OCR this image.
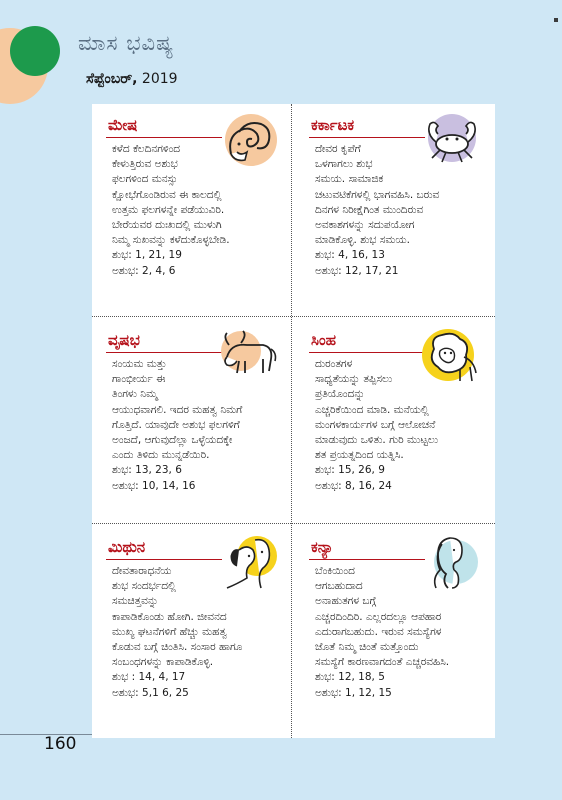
ಮಾಸ ಭವಿಷ್ಯ
ಸೆಪ್ಟೆಂಬರ್, 2019
ಮೇಷ

ಕಳೆದ ಕೆಲದಿನಗಳಿಂದ

ಕೇಳುತ್ತಿರುವ ಅಶುಭ

ಫಲಗಳಿಂದ ಮನಸ್ಸು

ಕ್ಷೋಭೆಗೊಂಡಿರುವ ಈ ಕಾಲದಲ್ಲಿ

ಉತ್ತಮ ಫಲಗಳನ್ನೇ ಪಡೆಯುವಿರಿ.

ಬೇರೆಯವರ ದುಃಖದಲ್ಲಿ ಮುಳುಗಿ

ನಿಮ್ಮ ಸುಖವನ್ನು ಕಳೆದುಕೊಳ್ಳಬೇಡಿ.

ಶುಭ: 1, 21, 19

ಅಶುಭ: 2, 4, 6

ಕರ್ಕಾಟಕ

ದೇವರ ಕೃಪೆಗೆ

ಒಳಗಾಗಲು ಶುಭ

ಸಮಯ. ಸಾಮಾಜಿಕ

ಚಟುವಟಿಕೆಗಳಲ್ಲಿ ಭಾಗವಹಿಸಿ. ಬರುವ

ದಿನಗಳ ನಿರೀಕ್ಷೆಗಿಂತ ಮುಂದಿರುವ

ಅವಕಾಶಗಳನ್ನು ಸದುಪಯೋಗ

ಮಾಡಿಕೊಳ್ಳಿ. ಶುಭ ಸಮಯ.

ಶುಭ: 4, 16, 13

ಅಶುಭ: 12, 17, 21

ವೃಷಭ

ಸಂಯಮ ಮತ್ತು

ಗಾಂಭೀರ್ಯ ಈ

ತಿಂಗಳು ನಿಮ್ಮ

ಆಯುಧವಾಗಲಿ. ಇದರ ಮಹತ್ವ ನಿಮಗೆ

ಗೊತ್ತಿದೆ. ಯಾವುದೇ ಅಶುಭ ಫಲಗಳಿಗೆ

ಅಂಜದೆ, ಆಗುವುದೆಲ್ಲಾ ಒಳ್ಳೆಯದಕ್ಕೇ

ಎಂದು ತಿಳಿದು ಮುನ್ನಡೆಯಿರಿ.

ಶುಭ: 13, 23, 6

ಅಶುಭ: 10, 14, 16

ಸಿಂಹ

ದುರಂತಗಳ

ಸಾಧ್ಯತೆಯನ್ನು ತಪ್ಪಿಸಲು

ಪ್ರತಿಯೊಂದನ್ನು

ಎಚ್ಚರಿಕೆಯಿಂದ ಮಾಡಿ. ಮನೆಯಲ್ಲಿ

ಮಂಗಳಕಾರ್ಯಗಳ ಬಗ್ಗೆ ಆಲೋಚನೆ

ಮಾಡುವುದು ಒಳಿತು. ಗುರಿ ಮುಟ್ಟಲು

ಶತ ಪ್ರಯತ್ನದಿಂದ ಯತ್ನಿಸಿ.

ಶುಭ: 15, 26, 9

ಅಶುಭ: 8, 16, 24

ಮಿಥುನ

ದೇವತಾರಾಧನೆಯ

ಶುಭ ಸಂದರ್ಭದಲ್ಲಿ

ಸಮಚಿತ್ತವನ್ನು

ಕಾಪಾಡಿಕೊಂಡು ಹೋಗಿ. ಜೀವನದ

ಮುಖ್ಯ ಘಟನೆಗಳಿಗೆ ಹೆಚ್ಚು ಮಹತ್ವ

ಕೊಡುವ ಬಗ್ಗೆ ಚಿಂತಿಸಿ. ಸಂಸಾರ ಹಾಗೂ

ಸಂಬಂಧಗಳನ್ನು ಕಾಪಾಡಿಕೊಳ್ಳಿ.

ಶುಭ : 14, 4, 17

ಅಶುಭ: 5,1 6, 25

ಕನ್ಯಾ

ಬೆಂಕಿಯಿಂದ

ಆಗಬಹುದಾದ

ಅನಾಹುತಗಳ ಬಗ್ಗೆ

ಎಚ್ಚರದಿಂದಿರಿ. ಎಲ್ಲರದಲ್ಲೂ ಆಪಹಾರ

ಎದುರಾಗಬಹುದು. ಇರುವ ಸಮಸ್ಯೆಗಳ

ಜೊತೆ ನಿಮ್ಮ ಚಿಂತೆ ಮತ್ತೊಂದು

ಸಮಸ್ಯೆಗೆ ಕಾರಣವಾಗದಂತೆ ಎಚ್ಚರವಹಿಸಿ.

ಶುಭ: 12, 18, 5

ಅಶುಭ: 1, 12, 15

160
